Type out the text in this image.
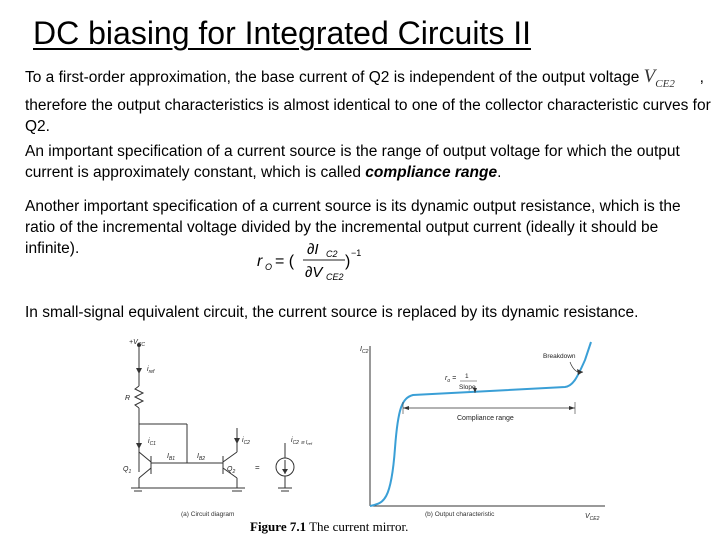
DC biasing for Integrated Circuits II
To a first-order approximation, the base current of Q2 is independent of the output voltage $V_{CE2}$ , therefore the output characteristics is almost identical to one of the collector characteristic curves for Q2.
An important specification of a current source is the range of output voltage for which the output current is approximately constant, which is called compliance range.
Another important specification of a current source is its dynamic output resistance, which is the ratio of the incremental voltage divided by the incremental output current (ideally it should be infinite).
r O = (
∂I C2
∂V CE2
) −1
In small-signal equivalent circuit, the current source is replaced by its dynamic resistance.
$+V_{CC}$
$i_{ref}$
R
$i_{C1}$
$I_{B1}$	$I_{B2}$
$i_{C2}$
$Q_1$	$Q_2$
$i_{C2 ≅ I}ref$
=
(a) Circuit diagram
$I_{C2}$
Breakdown
$r_o = 1$
Slope
Compliance range
$V_{CE2}$
(b) Output characteristic
Figure 7.1 The current mirror.
